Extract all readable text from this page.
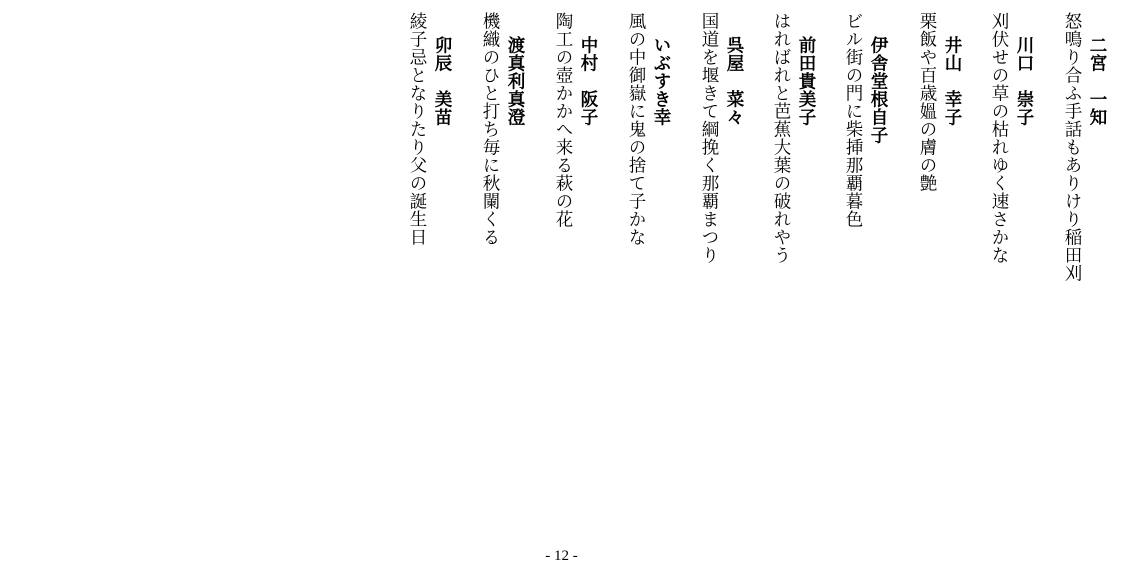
二宮　一知
怒鳴り合ふ手話もありけり稲田刈
川口　崇子
刈伏せの草の枯れゆく速さかな
井山　幸子
栗飯や百歳媼の膚の艶
伊舎堂根自子
ビル街の門に柴挿那覇暮色
前田貴美子
はればれと芭蕉大葉の破れやう
呉屋　菜々
国道を堰きて綱挽く那覇まつり
いぶすき幸
風の中御嶽に鬼の捨て子かな
中村　阪子
陶工の壺かかへ来る萩の花
渡真利真澄
機織のひと打ち毎に秋闌くる
卯辰　美苗
綾子忌となりたり父の誕生日
- 12 -
